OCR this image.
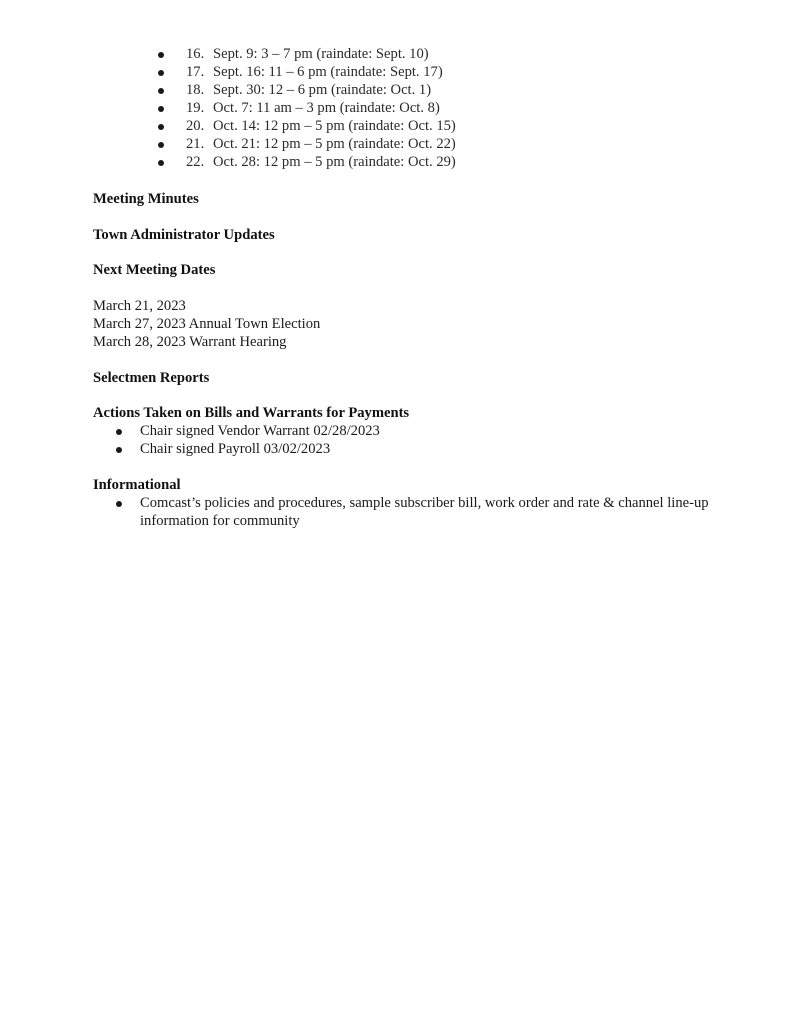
16. Sept. 9: 3 – 7 pm (raindate: Sept. 10)
17. Sept. 16: 11 – 6 pm (raindate: Sept. 17)
18. Sept. 30: 12 – 6 pm (raindate: Oct. 1)
19. Oct. 7: 11 am – 3 pm (raindate: Oct. 8)
20. Oct. 14: 12 pm – 5 pm (raindate: Oct. 15)
21. Oct. 21: 12 pm – 5 pm (raindate: Oct. 22)
22. Oct. 28: 12 pm – 5 pm (raindate: Oct. 29)
Meeting Minutes
Town Administrator Updates
Next Meeting Dates
March 21, 2023
March 27, 2023 Annual Town Election
March 28, 2023 Warrant Hearing
Selectmen Reports
Actions Taken on Bills and Warrants for Payments
Chair signed Vendor Warrant 02/28/2023
Chair signed Payroll 03/02/2023
Informational
Comcast’s policies and procedures, sample subscriber bill, work order and rate & channel line-up information for community
